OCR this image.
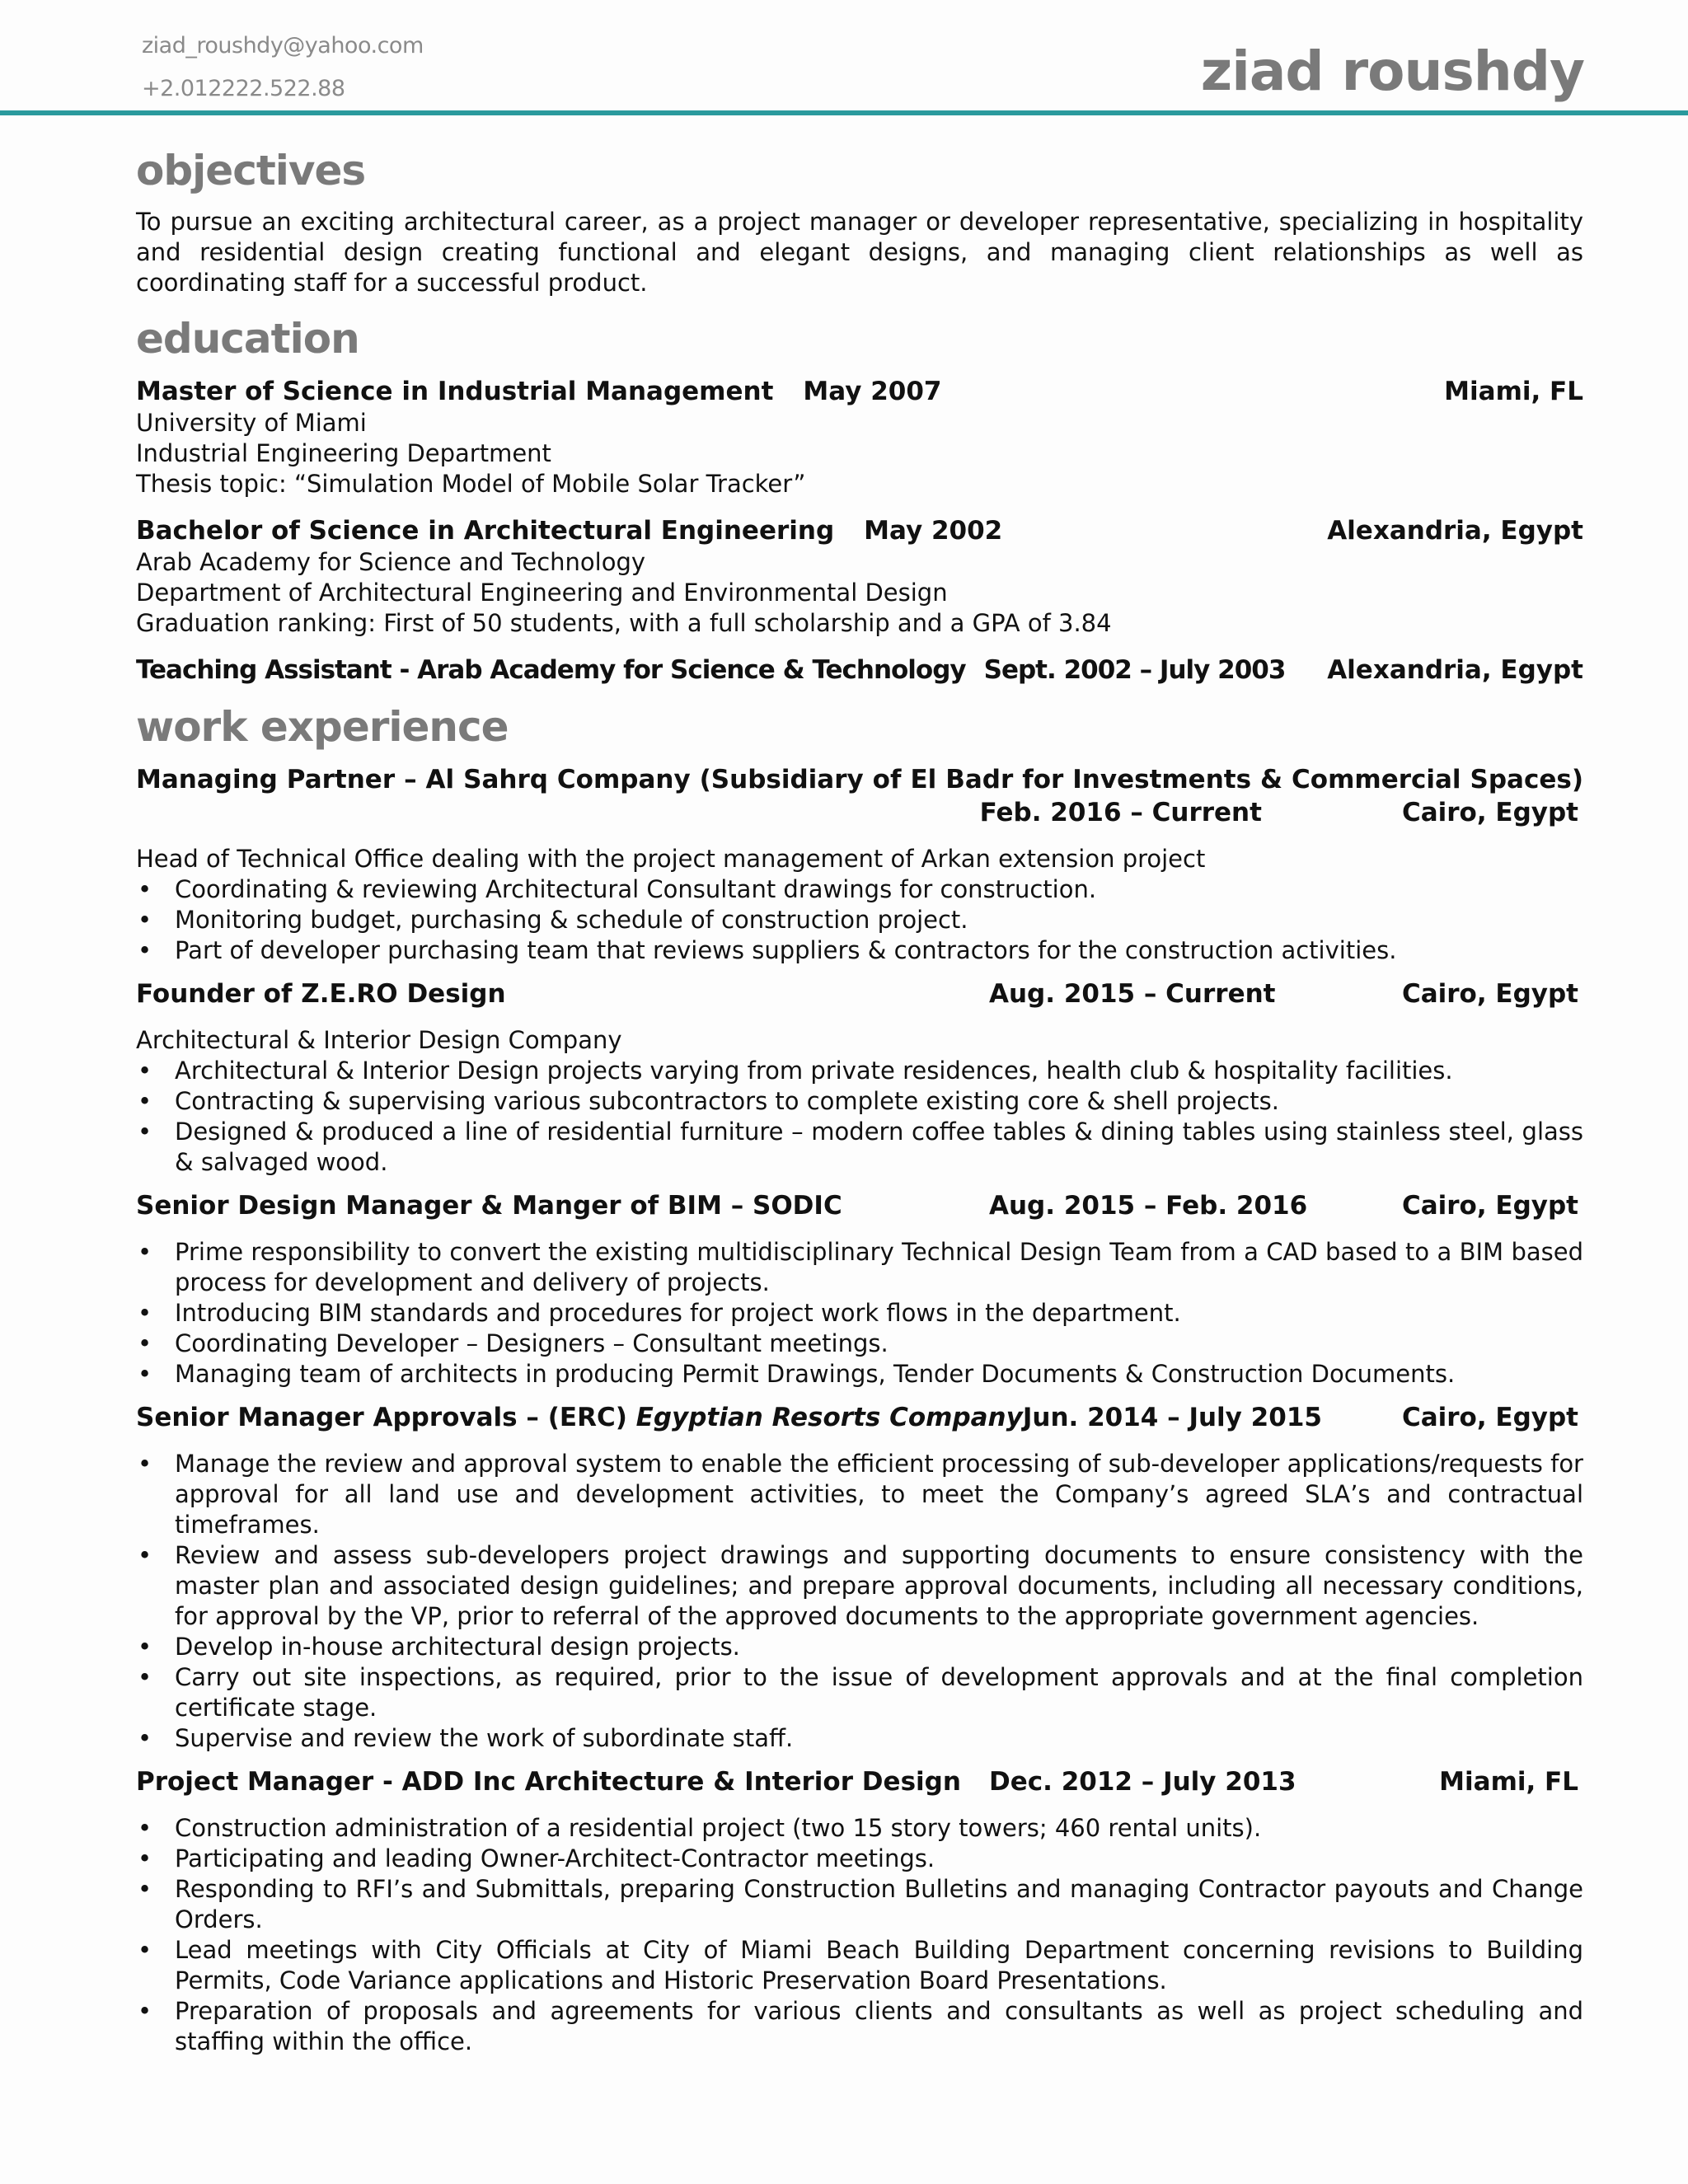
ziad_roushdy@yahoo.com
+2.012222.522.88	ziad roushdy
objectives

To pursue an exciting architectural career, as a project manager or developer representative, specializing in hospitality and residential design creating functional and elegant designs, and managing client relationships as well as coordinating staff for a successful product.

education
Master of Science in Industrial Management May 2007	Miami, FL
University of Miami
Industrial Engineering Department
Thesis topic: “Simulation Model of Mobile Solar Tracker”
Bachelor of Science in Architectural Engineering May 2002	Alexandria, Egypt
Arab Academy for Science and Technology
Department of Architectural Engineering and Environmental Design
Graduation ranking: First of 50 students, with a full scholarship and a GPA of 3.84
Teaching Assistant - Arab Academy for Science & Technology Sept. 2002 – July 2003	Alexandria, Egypt
work experience
Managing Partner – Al Sahrq Company (Subsidiary of El Badr for Investments & Commercial Spaces)
Feb. 2016 – Current	Cairo, Egypt
Head of Technical Office dealing with the project management of Arkan extension project
• Coordinating & reviewing Architectural Consultant drawings for construction.
• Monitoring budget, purchasing & schedule of construction project.
• Part of developer purchasing team that reviews suppliers & contractors for the construction activities.
Founder of Z.E.RO Design	Aug. 2015 – Current	Cairo, Egypt
Architectural & Interior Design Company
• Architectural & Interior Design projects varying from private residences, health club & hospitality facilities.
• Contracting & supervising various subcontractors to complete existing core & shell projects.
• Designed & produced a line of residential furniture – modern coffee tables & dining tables using stainless steel, glass & salvaged wood.
Senior Design Manager & Manger of BIM – SODIC	Aug. 2015 – Feb. 2016	Cairo, Egypt
• Prime responsibility to convert the existing multidisciplinary Technical Design Team from a CAD based to a BIM based process for development and delivery of projects.
• Introducing BIM standards and procedures for project work flows in the department.
• Coordinating Developer – Designers – Consultant meetings.
• Managing team of architects in producing Permit Drawings, Tender Documents & Construction Documents.
Senior Manager Approvals – (ERC) Egyptian Resorts Company Jun. 2014 – July 2015	Cairo, Egypt
• Manage the review and approval system to enable the efficient processing of sub-developer applications/requests for approval for all land use and development activities, to meet the Company’s agreed SLA’s and contractual timeframes.
• Review and assess sub-developers project drawings and supporting documents to ensure consistency with the master plan and associated design guidelines; and prepare approval documents, including all necessary conditions, for approval by the VP, prior to referral of the approved documents to the appropriate government agencies.
• Develop in-house architectural design projects.
• Carry out site inspections, as required, prior to the issue of development approvals and at the final completion certificate stage.
• Supervise and review the work of subordinate staff.
Project Manager - ADD Inc Architecture & Interior Design	Dec. 2012 – July 2013	Miami, FL
• Construction administration of a residential project (two 15 story towers; 460 rental units).
• Participating and leading Owner-Architect-Contractor meetings.
• Responding to RFI’s and Submittals, preparing Construction Bulletins and managing Contractor payouts and Change Orders.
• Lead meetings with City Officials at City of Miami Beach Building Department concerning revisions to Building Permits, Code Variance applications and Historic Preservation Board Presentations.
• Preparation of proposals and agreements for various clients and consultants as well as project scheduling and staffing within the office.
